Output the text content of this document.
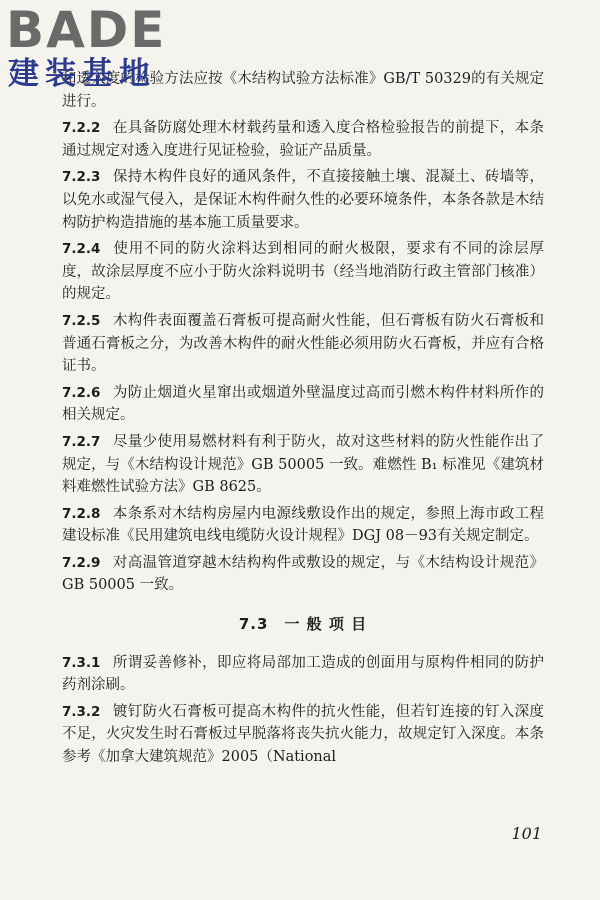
BADE
建装基地

和透入度的检验方法应按《木结构试验方法标准》GB/T 50329的有关规定进行。

7.2.2 在具备防腐处理木材载药量和透入度合格检验报告的前提下，本条通过规定对透入度进行见证检验，验证产品质量。

7.2.3 保持木构件良好的通风条件，不直接接触土壤、混凝土、砖墙等，以免水或湿气侵入，是保证木构件耐久性的必要环境条件，本条各款是木结构防护构造措施的基本施工质量要求。

7.2.4 使用不同的防火涂料达到相同的耐火极限，要求有不同的涂层厚度，故涂层厚度不应小于防火涂料说明书（经当地消防行政主管部门核准）的规定。

7.2.5 木构件表面覆盖石膏板可提高耐火性能，但石膏板有防火石膏板和普通石膏板之分，为改善木构件的耐火性能必须用防火石膏板，并应有合格证书。

7.2.6 为防止烟道火星窜出或烟道外壁温度过高而引燃木构件材料所作的相关规定。

7.2.7 尽量少使用易燃材料有利于防火，故对这些材料的防火性能作出了规定，与《木结构设计规范》GB 50005 一致。难燃性 B₁ 标准见《建筑材料难燃性试验方法》GB 8625。

7.2.8 本条系对木结构房屋内电源线敷设作出的规定，参照上海市政工程建设标准《民用建筑电线电缆防火设计规程》DGJ 08－93有关规定制定。

7.2.9 对高温管道穿越木结构构件或敷设的规定，与《木结构设计规范》GB 50005 一致。

7.3　一 般 项 目

7.3.1 所谓妥善修补，即应将局部加工造成的创面用与原构件相同的防护药剂涂刷。

7.3.2 镀钉防火石膏板可提高木构件的抗火性能，但若钉连接的钉入深度不足，火灾发生时石膏板过早脱落将丧失抗火能力，故规定钉入深度。本条参考《加拿大建筑规范》2005（National

101
